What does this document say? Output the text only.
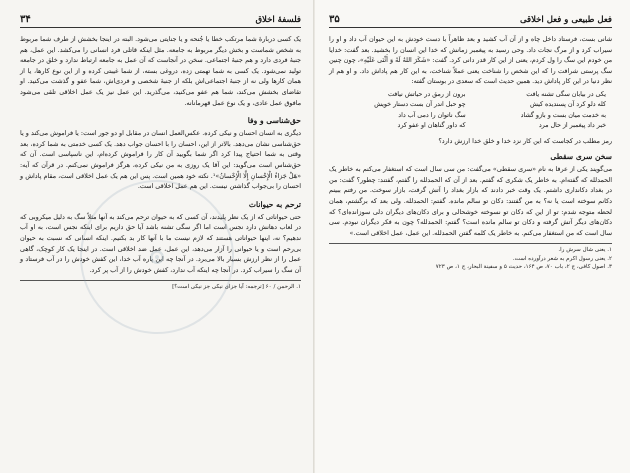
فلسفهٔ اخلاق
۳۴

یک کسی دربارهٔ شما مرتکب خطا یا جُنحه و یا جنایتی می‌شود. البته در اینجا بخشش از طرف شما مربوط به شخص شماست و بخش دیگر مربوط به جامعه. مثل اینکه قاتلی فرد انسانی را می‌کشد. این عمل، هم جنبهٔ فردی دارد و هم جنبهٔ اجتماعی. سخن در آنجاست که آن عمل به جامعه ارتباط ندارد و خلق در جامعه تولید نمی‌شود. یک کسی به شما تهمتی زده، دروغی بسته، از شما غیبتی کرده و از این نوع کارها، یا از همان کارها ولی نه از جنبهٔ اجتماعی‌اش بلکه از جنبهٔ شخصی و فردی‌اش، شما عفو و گذشت می‌کنید. او تقاضای بخشش می‌کند، شما هم عفو می‌کنید، می‌گذرید. این عمل نیز یک عمل اخلاقی تلقی می‌شود مافوق عمل عادی، و یک نوع عمل قهرمانانه.

حق‌شناسی و وفا

دیگری به انسان احسان و نیکی کرده. عکس‌العمل انسان در مقابل او دو جور است: یا فراموش می‌کند و یا حق‌شناسی نشان می‌دهد. بالاتر از این، احسان را با احسان جواب دهد. یک کسی خدمتی به شما کرده، بعد وقتی به شما احتیاج پیدا کرد اگر شما بگویید آن کار را فراموش کرده‌ام، این ناسپاسی است. آن که حق‌شناس است می‌گوید: این آقا یک روزی به من نیکی کرده، هرگز فراموش نمی‌کنم. در قرآن که آیه: «هَلْ جَزاءُ الْإِحْسانِ إِلَّا الْإِحْسانُ»¹. نکته خود همین است. پس این هم یک عمل اخلاقی است، مقام پاداش و احسان را بی‌جواب گذاشتن نیست. این هم عمل اخلاقی است.

ترحم به حیوانات

حتی حیواناتی که از یک نظر پلیدند، آن کسی که به حیوان ترحم می‌کند به آنها مثلاً سگ به دلیل میکروبی که در لعاب دهانش دارد نجس است اما اگر سگی تشنه باشد آیا حق داریم برای اینکه نجس است، به او آب ندهیم؟ نه، اینها حیواناتی هستند که لازم نیست ما با آنها کار بد بکنیم. اینکه انسانی که نسبت به حیوان بی‌رحم است و یا حیوانی را آزار می‌دهد، این عمل، عمل ضد اخلاقی است. در اینجا یک کار کوچک، گاهی عمل را از نظر ارزش بسیار بالا می‌برد. در آنجا چه این پاره آب خدا، این کفش خودش را در آب فرستاد و آن سگ را سیراب کرد. در آنجا چه اینکه آب ندارد، کفش خودش را از آب پر کرد.

۱. الرحمن / ۶۰ [ترجمه: آیا جزای نیکی جز نیکی است؟]
⊙
فعل طبیعی و فعل اخلاقی
۳۵

شانی بست، فرستاد داخل چاه و از آن آب کشید و بعد ظاهراً با دست خودش به این حیوان آب داد و او را سیراب کرد و از مرگ نجات داد. وحی رسید به پیغمبر زمانش که خدا این انسان را بخشید. بعد گفت: خدایا من خودم این سگ را ول کردم، یعنی از این کار قدر دانی کرد. گفت: «شَکَرَ اللهُ لَهُ وَ أَثْنَی عَلَیْهِ»، چون چنین سگ پرستی شرافت را که این شخص را شناخت یعنی عملاً شناخت، به این کار هم پاداش داد. و او هم از نظر دنیا در این کار پاداش دید. همین حدیث است که سعدی در بوستان گفته:

یکی در بیابان سگی تشنه یافت
برون از رمق در حیاتش نیافت
کله دلو کرد آن پسندیده کیش
چو حبل اندر آن بست دستار خویش
به خدمت میان بست و بازو گشاد
سگ ناتوان را دمی آب داد
خبر داد پیغمبر از حال مرد
که داور گناهان او عفو کرد

رمز مطلب در کجاست که این کار نزد خدا و خلق خدا ارزش دارد؟

سخن سری سقطی

می‌گویند یکی از عرفا به نام «سری سقطی» می‌گفت: من سی سال است که استغفار می‌کنم به خاطر یک الحمدلله که گفته‌ام. به خاطر یک شکری که گفتم. بعد از آن که الحمدلله را گفتم، گفتند: چطور؟ گفت: من در بغداد دکانداری داشتم. یک وقت خبر دادند که بازار بغداد را آتش گرفت، بازار سوخت. من رفتم ببینم دکانم سوخته است یا نه؟ به من گفتند: دکان تو سالم مانده. گفتم: الحمدلله. ولی بعد که برگشتم، همان لحظه متوجه شدم: تو از این که دکان تو نسوخته خوشحالی و برای دکان‌های دیگران دلی سوزانده‌ای؟ که دکان‌های دیگر آتش گرفته و دکان تو سالم مانده است؟ گفتم: الحمدلله؟ چون به فکر دیگران نبودم. سی سال است که من استغفار می‌کنم. به خاطر یک کلمه گفتن الحمدلله. این عمل، عمل اخلاقی است.»

۱. یعنی شال سرش را.
۲. یعنی رسول اکرم به شعر درآورده است.
۳. اصول کافی، ج ۲، باب ۷۰، ص ۱۶۴، حدیث ۵ و سفینة البحار، ج ۱، ص ۷۲۳
